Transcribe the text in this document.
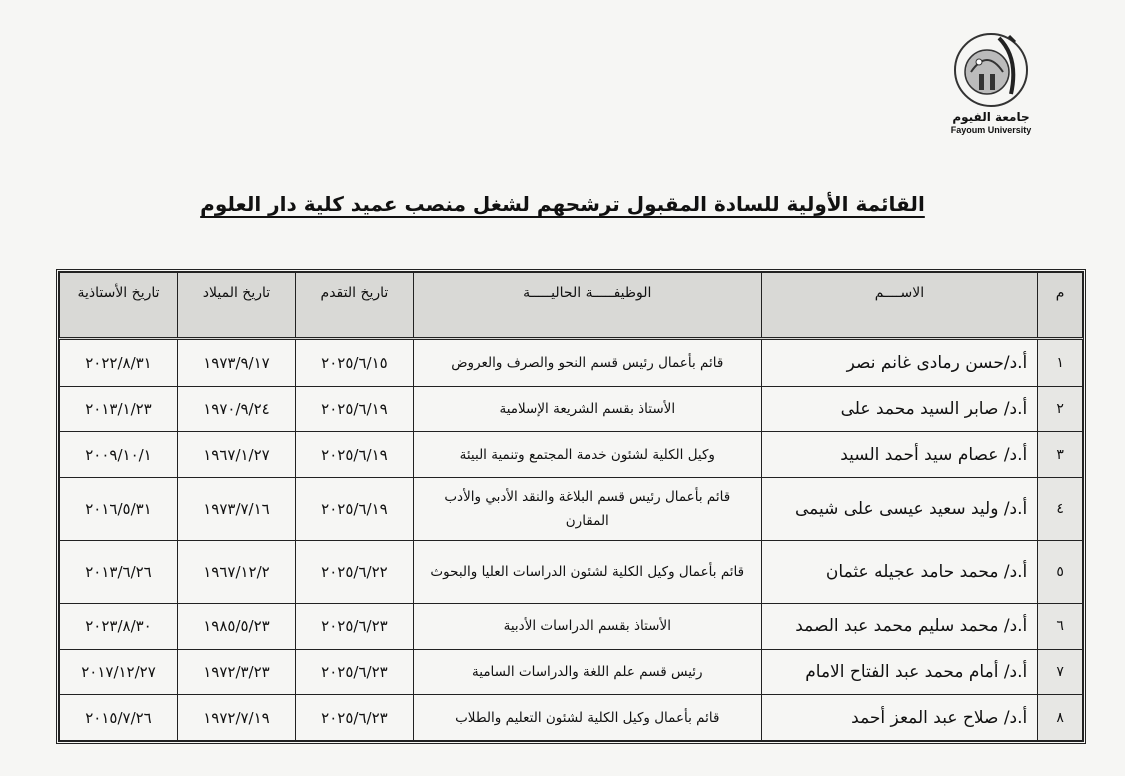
جامعة الفيوم
Fayoum University
القائمة الأولية للسادة المقبول ترشحهم لشغل منصب عميد كلية دار العلوم
م	الاســــم	الوظيفـــــة الحاليـــــة	تاريخ التقدم	تاريخ الميلاد	تاريخ الأستاذية
١	أ.د/حسن رمادى غانم نصر	قائم بأعمال رئيس قسم النحو والصرف والعروض	٢٠٢٥/٦/١٥	١٩٧٣/٩/١٧	٢٠٢٢/٨/٣١
٢	أ.د/ صابر السيد محمد على	الأستاذ بقسم الشريعة الإسلامية	٢٠٢٥/٦/١٩	١٩٧٠/٩/٢٤	٢٠١٣/١/٢٣
٣	أ.د/ عصام سيد أحمد السيد	وكيل الكلية لشئون خدمة المجتمع وتنمية البيئة	٢٠٢٥/٦/١٩	١٩٦٧/١/٢٧	٢٠٠٩/١٠/١
٤	أ.د/ وليد سعيد عيسى على شيمى	قائم بأعمال رئيس قسم البلاغة والنقد الأدبي والأدب المقارن	٢٠٢٥/٦/١٩	١٩٧٣/٧/١٦	٢٠١٦/٥/٣١
٥	أ.د/ محمد حامد عجيله عثمان	قائم بأعمال وكيل الكلية لشئون الدراسات العليا والبحوث	٢٠٢٥/٦/٢٢	١٩٦٧/١٢/٢	٢٠١٣/٦/٢٦
٦	أ.د/ محمد سليم محمد عبد الصمد	الأستاذ بقسم الدراسات الأدبية	٢٠٢٥/٦/٢٣	١٩٨٥/٥/٢٣	٢٠٢٣/٨/٣٠
٧	أ.د/ أمام محمد عبد الفتاح الامام	رئيس قسم علم اللغة والدراسات السامية	٢٠٢٥/٦/٢٣	١٩٧٢/٣/٢٣	٢٠١٧/١٢/٢٧
٨	أ.د/ صلاح عبد المعز أحمد	قائم بأعمال وكيل الكلية لشئون التعليم والطلاب	٢٠٢٥/٦/٢٣	١٩٧٢/٧/١٩	٢٠١٥/٧/٢٦
